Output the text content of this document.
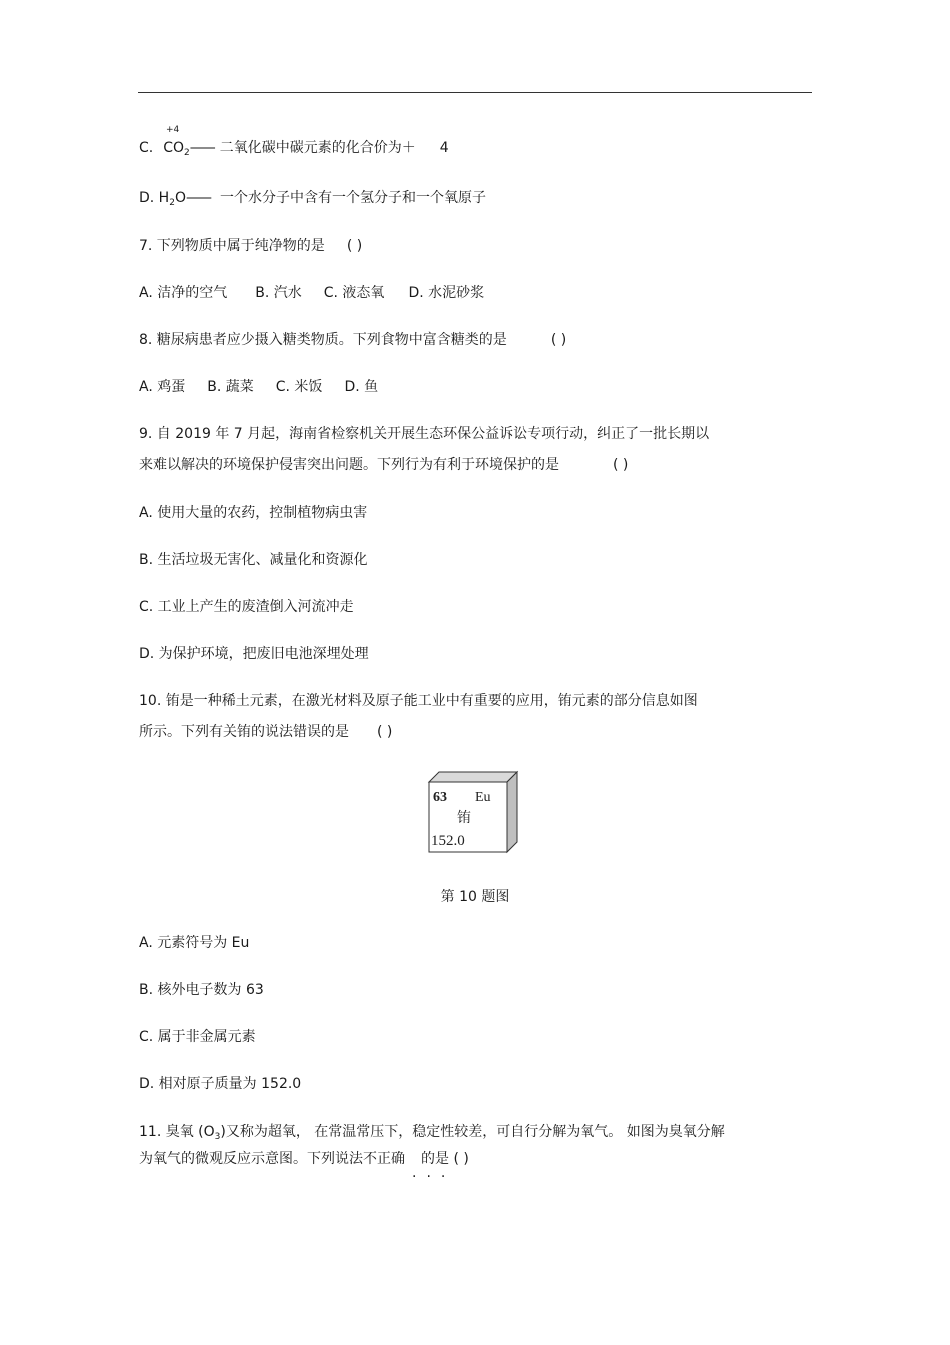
+4
C. CO2—— 二氧化碳中碳元素的化合价为＋ 4
D. H2O—— 一个水分子中含有一个氢分子和一个氧原子
7. 下列物质中属于纯净物的是 ( )
A. 洁净的空气 B. 汽水 C. 液态氧 D. 水泥砂浆
8. 糖尿病患者应少摄入糖类物质。下列食物中富含糖类的是	( )
A. 鸡蛋 B. 蔬菜 C. 米饭 D. 鱼
9. 自 2019 年 7 月起，海南省检察机关开展生态环保公益诉讼专项行动，纠正了一批长期以
来难以解决的环境保护侵害突出问题。下列行为有利于环境保护的是	( )
A. 使用大量的农药，控制植物病虫害
B. 生活垃圾无害化、减量化和资源化
C. 工业上产生的废渣倒入河流冲走
D. 为保护环境，把废旧电池深埋处理
10. 铕是一种稀土元素，在激光材料及原子能工业中有重要的应用，铕元素的部分信息如图
所示。下列有关铕的说法错误的是 ( )
63 Eu
铕
152.0
第 10 题图
A. 元素符号为 Eu
B. 核外电子数为 63
C. 属于非金属元素
D. 相对原子质量为 152.0
11. 臭氧 (O3)又称为超氧， 在常温常压下，稳定性较差，可自行分解为氧气。 如图为臭氧分解
为氧气的微观反应示意图。下列说法不正确 的是 ( )
...
